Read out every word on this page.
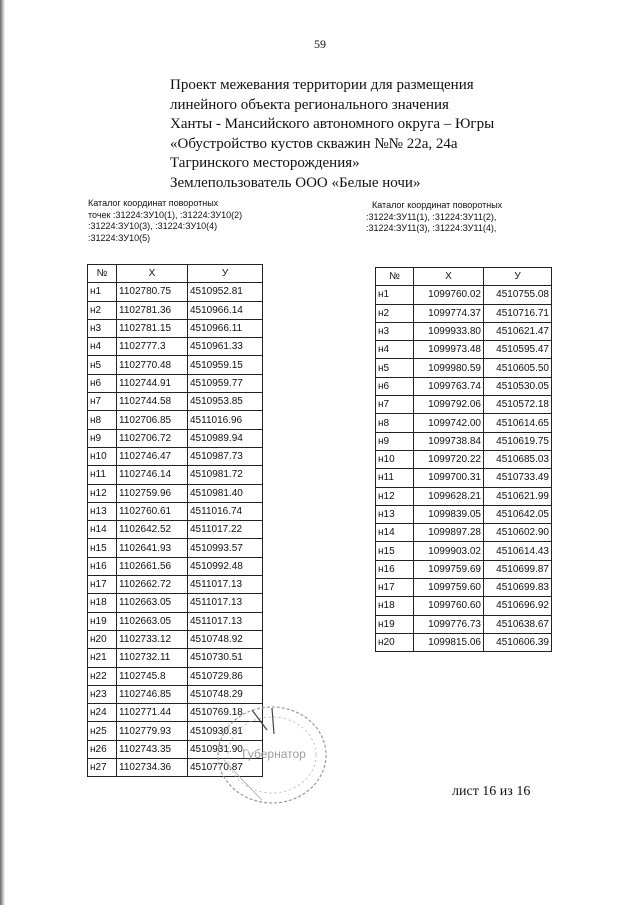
59
Проект межевания территории для размещения
линейного объекта регионального значения
Ханты - Мансийского автономного округа – Югры
«Обустройство кустов скважин №№ 22а, 24а
Тагринского месторождения»
Землепользователь ООО «Белые ночи»
Каталог координат поворотных
точек :31224:ЗУ10(1), :31224:ЗУ10(2)
:31224:ЗУ10(3), :31224:ЗУ10(4)
:31224:ЗУ10(5)
Каталог координат поворотных
:31224:ЗУ11(1), :31224:ЗУ11(2),
:31224:ЗУ11(3), :31224:ЗУ11(4),
№	X	У
н1	1102780.75	4510952.81
н2	1102781.36	4510966.14
н3	1102781.15	4510966.11
н4	1102777.3	4510961.33
н5	1102770.48	4510959.15
н6	1102744.91	4510959.77
н7	1102744.58	4510953.85
н8	1102706.85	4511016.96
н9	1102706.72	4510989.94
н10	1102746.47	4510987.73
н11	1102746.14	4510981.72
н12	1102759.96	4510981.40
н13	1102760.61	4511016.74
н14	1102642.52	4511017.22
н15	1102641.93	4510993.57
н16	1102661.56	4510992.48
н17	1102662.72	4511017.13
н18	1102663.05	4511017.13
н19	1102663.05	4511017.13
н20	1102733.12	4510748.92
н21	1102732.11	4510730.51
н22	1102745.8	4510729.86
н23	1102746.85	4510748.29
н24	1102771.44	4510769.18
н25	1102779.93	4510930.81
н26	1102743.35	4510931.90
н27	1102734.36	4510770.87
№	X	У
н1	1099760.02	4510755.08
н2	1099774.37	4510716.71
н3	1099933.80	4510621.47
н4	1099973.48	4510595.47
н5	1099980.59	4510605.50
н6	1099763.74	4510530.05
н7	1099792.06	4510572.18
н8	1099742.00	4510614.65
н9	1099738.84	4510619.75
н10	1099720.22	4510685.03
н11	1099700.31	4510733.49
н12	1099628.21	4510621.99
н13	1099839.05	4510642.05
н14	1099897.28	4510602.90
н15	1099903.02	4510614.43
н16	1099759.69	4510699.87
н17	1099759.60	4510699.83
н18	1099760.60	4510696.92
н19	1099776.73	4510638.67
н20	1099815.06	4510606.39
Губернатор
лист 16 из 16
